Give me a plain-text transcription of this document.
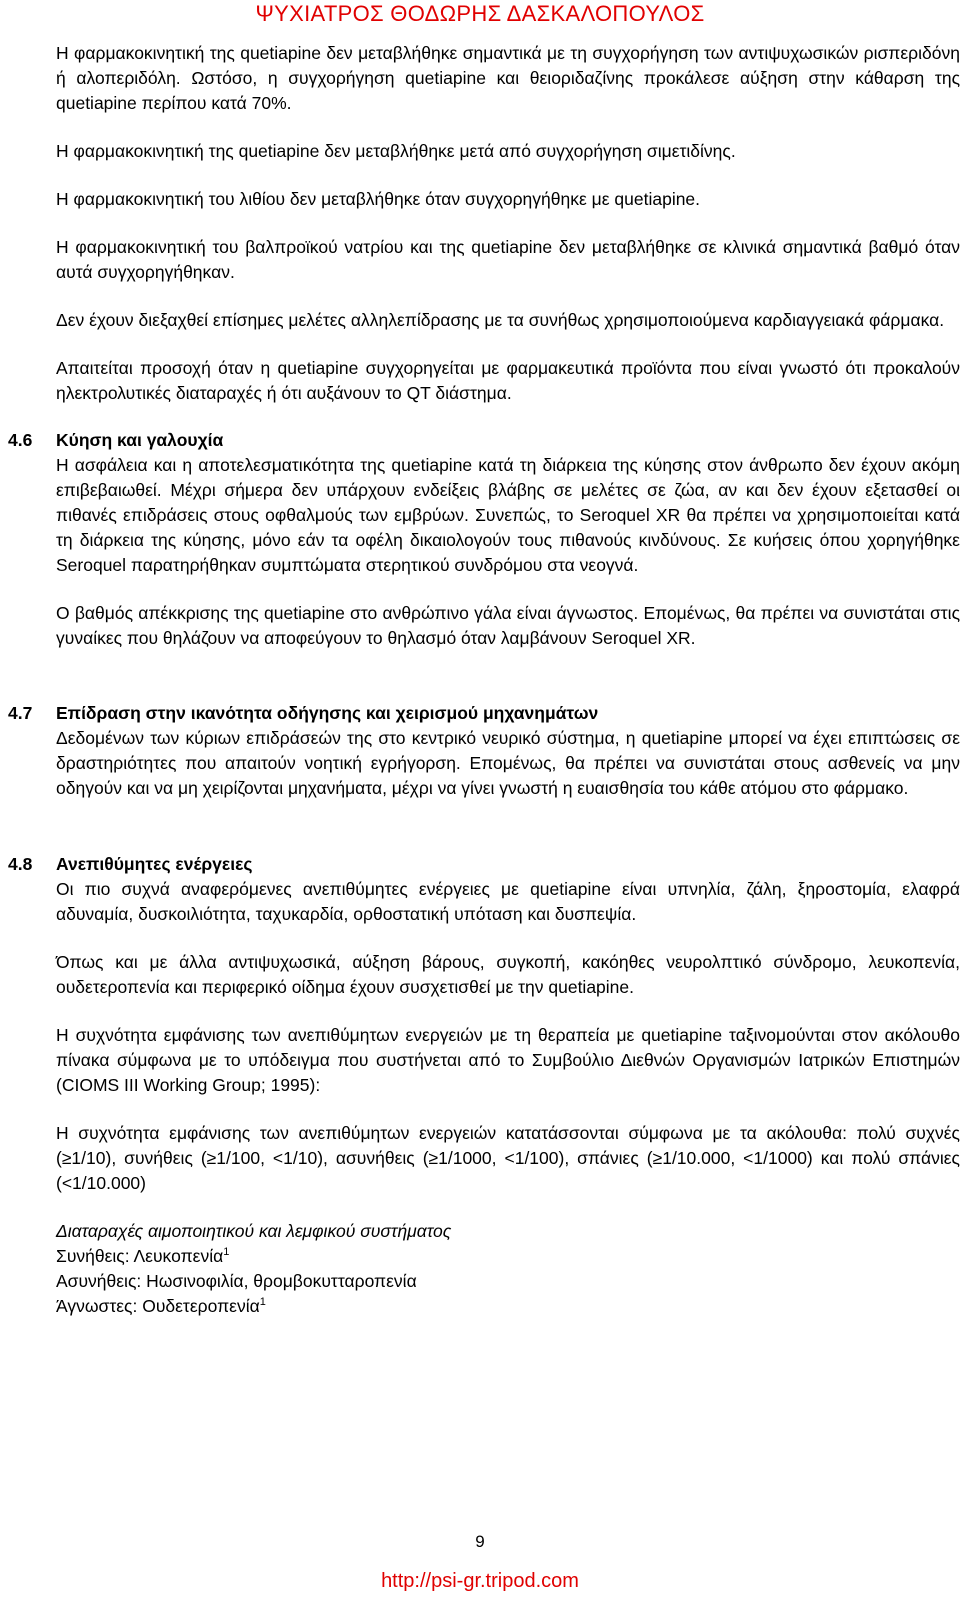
ΨΥΧΙΑΤΡΟΣ ΘΟΔΩΡΗΣ ΔΑΣΚΑΛΟΠΟΥΛΟΣ

Η φαρμακοκινητική της quetiapine δεν μεταβλήθηκε σημαντικά με τη συγχορήγηση των αντιψυχωσικών ρισπεριδόνη ή αλοπεριδόλη. Ωστόσο, η συγχορήγηση quetiapine και θειοριδαζίνης προκάλεσε αύξηση στην κάθαρση της quetiapine περίπου κατά 70%.

Η φαρμακοκινητική της quetiapine δεν μεταβλήθηκε μετά από συγχορήγηση σιμετιδίνης.

Η φαρμακοκινητική του λιθίου δεν μεταβλήθηκε όταν συγχορηγήθηκε με quetiapine.

Η φαρμακοκινητική του βαλπροϊκού νατρίου και της quetiapine δεν μεταβλήθηκε σε κλινικά σημαντικά βαθμό όταν αυτά συγχορηγήθηκαν.

Δεν έχουν διεξαχθεί επίσημες μελέτες αλληλεπίδρασης με τα συνήθως χρησιμοποιούμενα καρδιαγγειακά φάρμακα.

Απαιτείται προσοχή όταν η quetiapine συγχορηγείται με φαρμακευτικά προϊόντα που είναι γνωστό ότι προκαλούν ηλεκτρολυτικές διαταραχές ή ότι αυξάνουν το QT διάστημα.

4.6 Κύηση και γαλουχία

Η ασφάλεια και η αποτελεσματικότητα της quetiapine κατά τη διάρκεια της κύησης στον άνθρωπο δεν έχουν ακόμη επιβεβαιωθεί. Μέχρι σήμερα δεν υπάρχουν ενδείξεις βλάβης σε μελέτες σε ζώα, αν και δεν έχουν εξετασθεί οι πιθανές επιδράσεις στους οφθαλμούς των εμβρύων. Συνεπώς, το Seroquel XR θα πρέπει να χρησιμοποιείται κατά τη διάρκεια της κύησης, μόνο εάν τα οφέλη δικαιολογούν τους πιθανούς κινδύνους. Σε κυήσεις όπου χορηγήθηκε Seroquel παρατηρήθηκαν συμπτώματα στερητικού συνδρόμου στα νεογνά.

Ο βαθμός απέκκρισης της quetiapine στο ανθρώπινο γάλα είναι άγνωστος. Επομένως, θα πρέπει να συνιστάται στις γυναίκες που θηλάζουν να αποφεύγουν το θηλασμό όταν λαμβάνουν Seroquel XR.

4.7 Επίδραση στην ικανότητα οδήγησης και χειρισμού μηχανημάτων

Δεδομένων των κύριων επιδράσεών της στο κεντρικό νευρικό σύστημα, η quetiapine μπορεί να έχει επιπτώσεις σε δραστηριότητες που απαιτούν νοητική εγρήγορση. Επομένως, θα πρέπει να συνιστάται στους ασθενείς να μην οδηγούν και να μη χειρίζονται μηχανήματα, μέχρι να γίνει γνωστή η ευαισθησία του κάθε ατόμου στο φάρμακο.

4.8 Ανεπιθύμητες ενέργειες

Οι πιο συχνά αναφερόμενες ανεπιθύμητες ενέργειες με quetiapine είναι υπνηλία, ζάλη, ξηροστομία, ελαφρά αδυναμία, δυσκοιλιότητα, ταχυκαρδία, ορθοστατική υπόταση και δυσπεψία.

Όπως και με άλλα αντιψυχωσικά, αύξηση βάρους, συγκοπή, κακόηθες νευρολπτικό σύνδρομο, λευκοπενία, ουδετεροπενία και περιφερικό οίδημα έχουν συσχετισθεί με την quetiapine.

Η συχνότητα εμφάνισης των ανεπιθύμητων ενεργειών με τη θεραπεία με quetiapine ταξινομούνται στον ακόλουθο πίνακα σύμφωνα με το υπόδειγμα που συστήνεται από το Συμβούλιο Διεθνών Οργανισμών Ιατρικών Επιστημών (CIOMS III Working Group; 1995):

Η συχνότητα εμφάνισης των ανεπιθύμητων ενεργειών κατατάσσονται σύμφωνα με τα ακόλουθα: πολύ συχνές (≥1/10), συνήθεις (≥1/100, <1/10), ασυνήθεις (≥1/1000, <1/100), σπάνιες (≥1/10.000, <1/1000) και πολύ σπάνιες (<1/10.000)

Διαταραχές αιμοποιητικού και λεμφικού συστήματος

Συνήθεις: Λευκοπενία$^1$

Ασυνήθεις: Ηωσινοφιλία, θρομβοκυτταροπενία

Άγνωστες: Ουδετεροπενία$^1$

9
http://psi-gr.tripod.com
